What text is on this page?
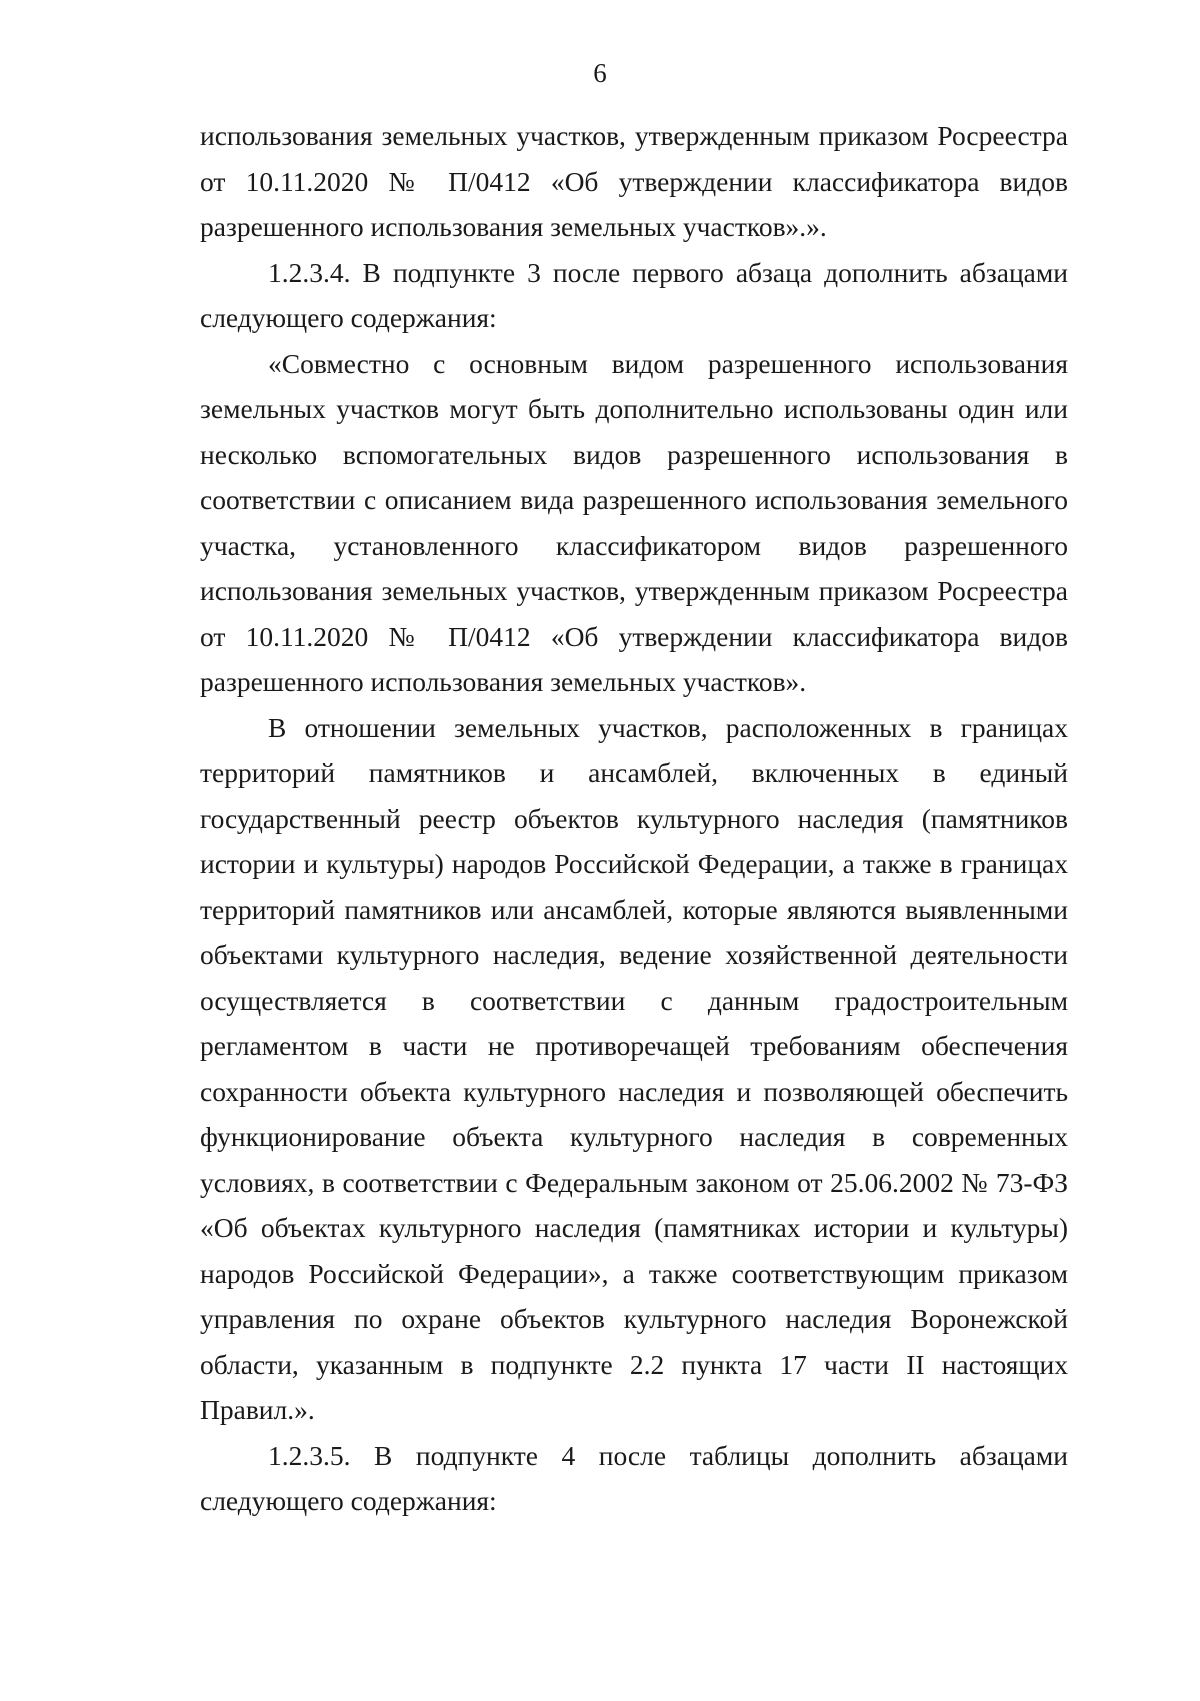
6

использования земельных участков, утвержденным приказом Росреестра от 10.11.2020 № П/0412 «Об утверждении классификатора видов разрешенного использования земельных участков».».

1.2.3.4. В подпункте 3 после первого абзаца дополнить абзацами следующего содержания:

«Совместно с основным видом разрешенного использования земельных участков могут быть дополнительно использованы один или несколько вспомогательных видов разрешенного использования в соответствии с описанием вида разрешенного использования земельного участка, установленного классификатором видов разрешенного использования земельных участков, утвержденным приказом Росреестра от 10.11.2020 № П/0412 «Об утверждении классификатора видов разрешенного использования земельных участков».

В отношении земельных участков, расположенных в границах территорий памятников и ансамблей, включенных в единый государственный реестр объектов культурного наследия (памятников истории и культуры) народов Российской Федерации, а также в границах территорий памятников или ансамблей, которые являются выявленными объектами культурного наследия, ведение хозяйственной деятельности осуществляется в соответствии с данным градостроительным регламентом в части не противоречащей требованиям обеспечения сохранности объекта культурного наследия и позволяющей обеспечить функционирование объекта культурного наследия в современных условиях, в соответствии с Федеральным законом от 25.06.2002 № 73-ФЗ «Об объектах культурного наследия (памятниках истории и культуры) народов Российской Федерации», а также соответствующим приказом управления по охране объектов культурного наследия Воронежской области, указанным в подпункте 2.2 пункта 17 части II настоящих Правил.».

1.2.3.5. В подпункте 4 после таблицы дополнить абзацами следующего содержания:
